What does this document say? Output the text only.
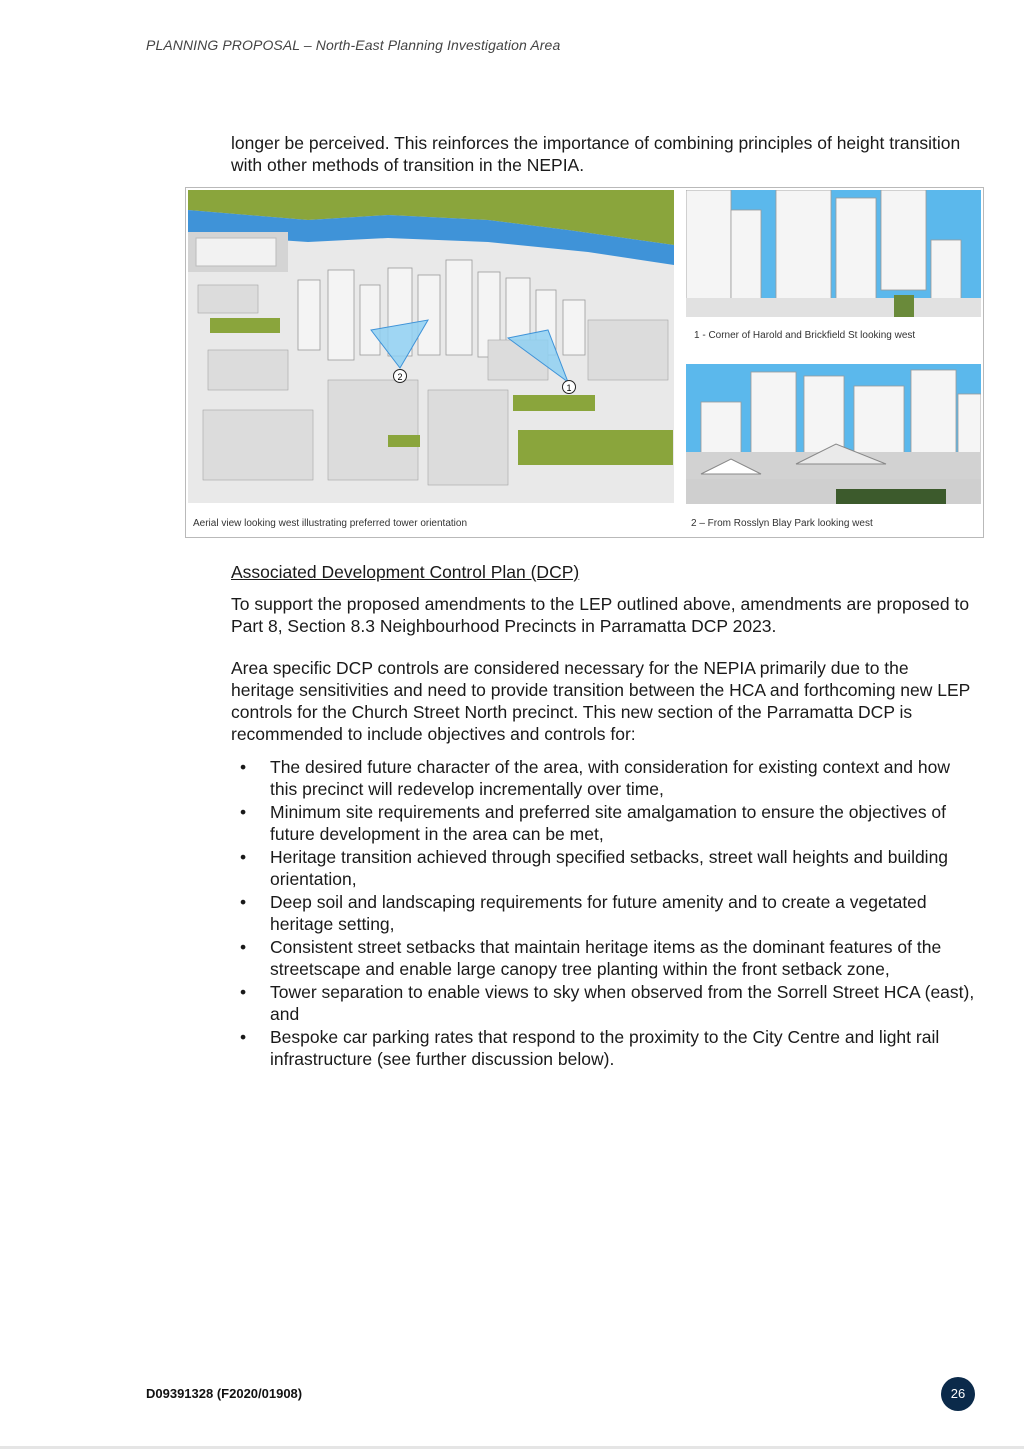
PLANNING PROPOSAL – North-East Planning Investigation Area
longer be perceived. This reinforces the importance of combining principles of height transition with other methods of transition in the NEPIA.
2
1
1 - Corner of Harold and Brickfield St looking west
2 – From Rosslyn Blay Park looking west
Aerial view looking west illustrating preferred tower orientation
Associated Development Control Plan (DCP)
To support the proposed amendments to the LEP outlined above, amendments are proposed to Part 8, Section 8.3 Neighbourhood Precincts in Parramatta DCP 2023.
Area specific DCP controls are considered necessary for the NEPIA primarily due to the heritage sensitivities and need to provide transition between the HCA and forthcoming new LEP controls for the Church Street North precinct. This new section of the Parramatta DCP is recommended to include objectives and controls for:
• The desired future character of the area, with consideration for existing context and how this precinct will redevelop incrementally over time,
• Minimum site requirements and preferred site amalgamation to ensure the objectives of future development in the area can be met,
• Heritage transition achieved through specified setbacks, street wall heights and building orientation,
• Deep soil and landscaping requirements for future amenity and to create a vegetated heritage setting,
• Consistent street setbacks that maintain heritage items as the dominant features of the streetscape and enable large canopy tree planting within the front setback zone,
• Tower separation to enable views to sky when observed from the Sorrell Street HCA (east), and
• Bespoke car parking rates that respond to the proximity to the City Centre and light rail infrastructure (see further discussion below).
D09391328 (F2020/01908)	26
